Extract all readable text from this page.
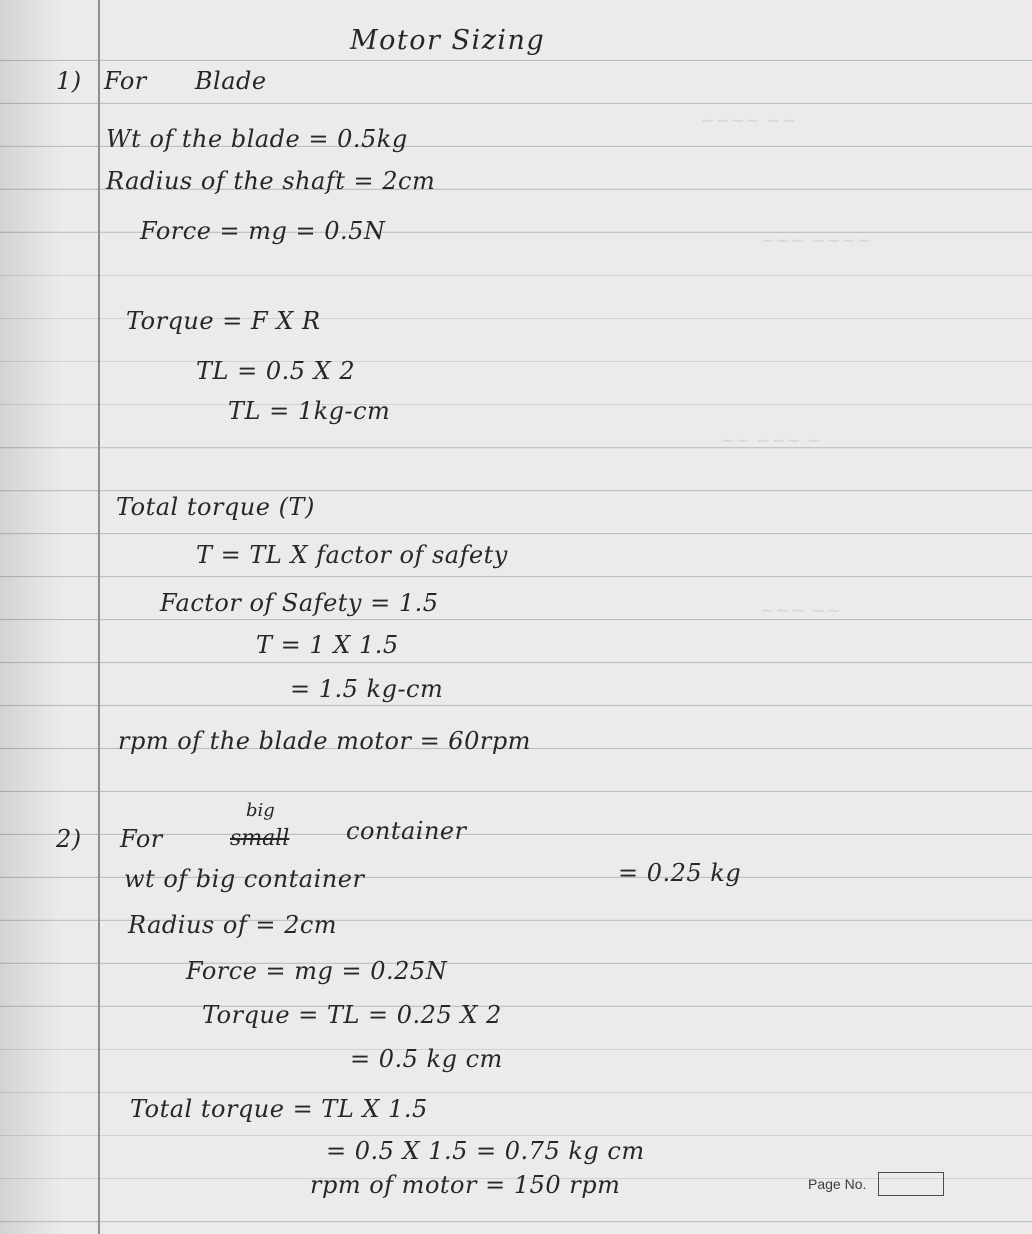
~~~~ ~~
~~~ ~~~~
~~ ~~~ ~
~~~ ~~
Motor Sizing
1) For Blade
Wt of the blade = 0.5kg
Radius of the shaft = 2cm
Force = mg = 0.5N
Torque = F X R
TL = 0.5 X 2
TL = 1kg-cm
Total torque (T)
T = TL X factor of safety
Factor of Safety = 1.5
T = 1 X 1.5
= 1.5 kg-cm
rpm of the blade motor = 60rpm
big
2) For	small container
wt of big container	= 0.25 kg
Radius of = 2cm
Force = mg = 0.25N
Torque = TL = 0.25 X 2
= 0.5 kg cm
Total torque = TL X 1.5
= 0.5 X 1.5 = 0.75 kg cm
rpm of motor = 150 rpm	Page No.
